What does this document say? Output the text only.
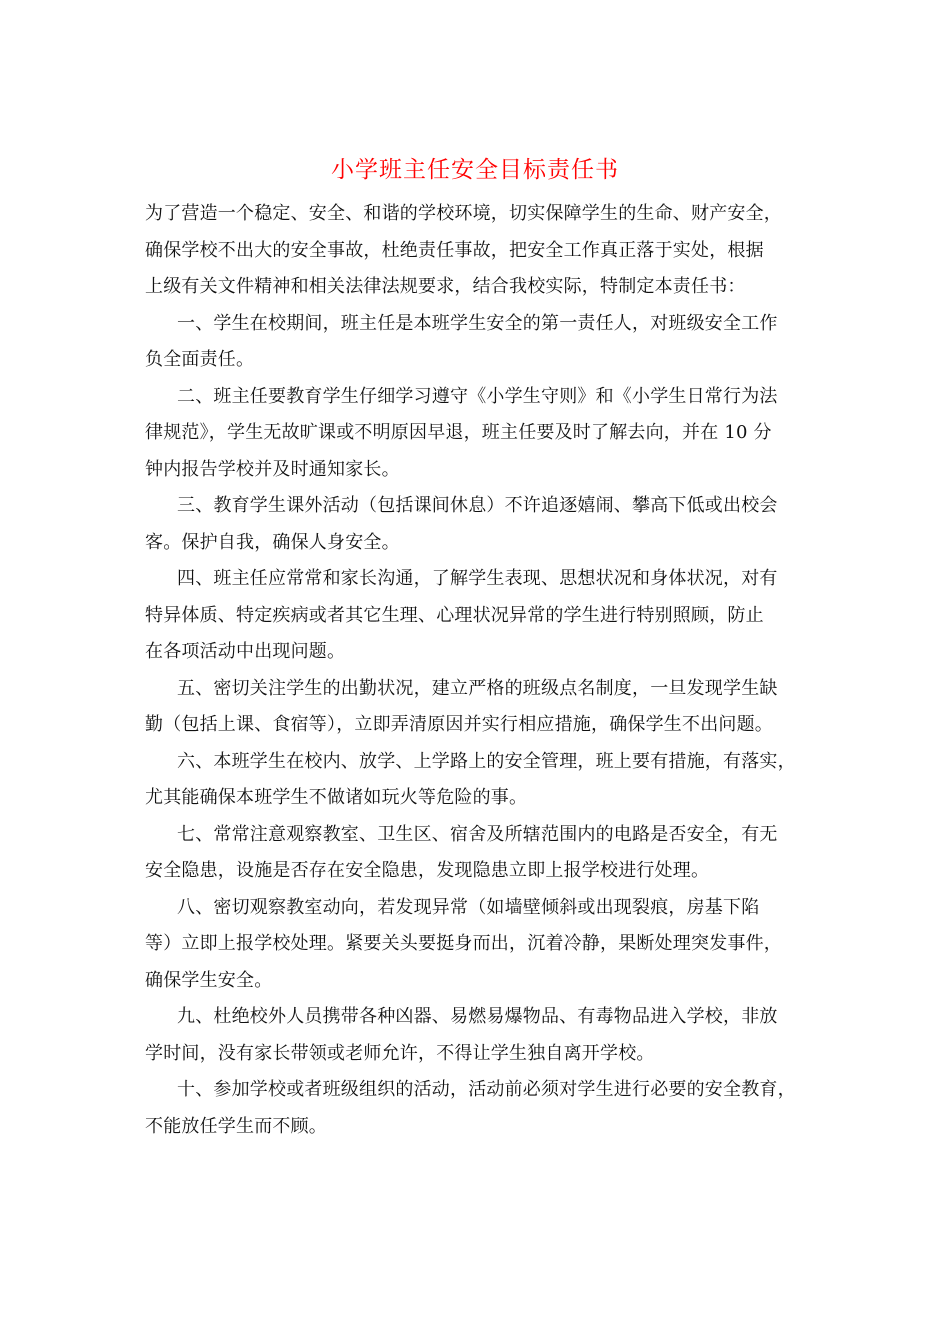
小学班主任安全目标责任书
为了营造一个稳定、安全、和谐的学校环境，切实保障学生的生命、财产安全，
确保学校不出大的安全事故，杜绝责任事故，把安全工作真正落于实处，根据
上级有关文件精神和相关法律法规要求，结合我校实际，特制定本责任书：
一、学生在校期间，班主任是本班学生安全的第一责任人，对班级安全工作
负全面责任。
二、班主任要教育学生仔细学习遵守《小学生守则》和《小学生日常行为法
律规范》，学生无故旷课或不明原因早退，班主任要及时了解去向，并在 10 分
钟内报告学校并及时通知家长。
三、教育学生课外活动（包括课间休息）不许追逐嬉闹、攀高下低或出校会
客。保护自我，确保人身安全。
四、班主任应常常和家长沟通，了解学生表现、思想状况和身体状况，对有
特异体质、特定疾病或者其它生理、心理状况异常的学生进行特别照顾，防止
在各项活动中出现问题。
五、密切关注学生的出勤状况，建立严格的班级点名制度，一旦发现学生缺
勤（包括上课、食宿等），立即弄清原因并实行相应措施，确保学生不出问题。
六、本班学生在校内、放学、上学路上的安全管理，班上要有措施，有落实，
尤其能确保本班学生不做诸如玩火等危险的事。
七、常常注意观察教室、卫生区、宿舍及所辖范围内的电路是否安全，有无
安全隐患，设施是否存在安全隐患，发现隐患立即上报学校进行处理。
八、密切观察教室动向，若发现异常（如墙壁倾斜或出现裂痕，房基下陷
等）立即上报学校处理。紧要关头要挺身而出，沉着冷静，果断处理突发事件，
确保学生安全。
九、杜绝校外人员携带各种凶器、易燃易爆物品、有毒物品进入学校，非放
学时间，没有家长带领或老师允许，不得让学生独自离开学校。
十、参加学校或者班级组织的活动，活动前必须对学生进行必要的安全教育，
不能放任学生而不顾。
